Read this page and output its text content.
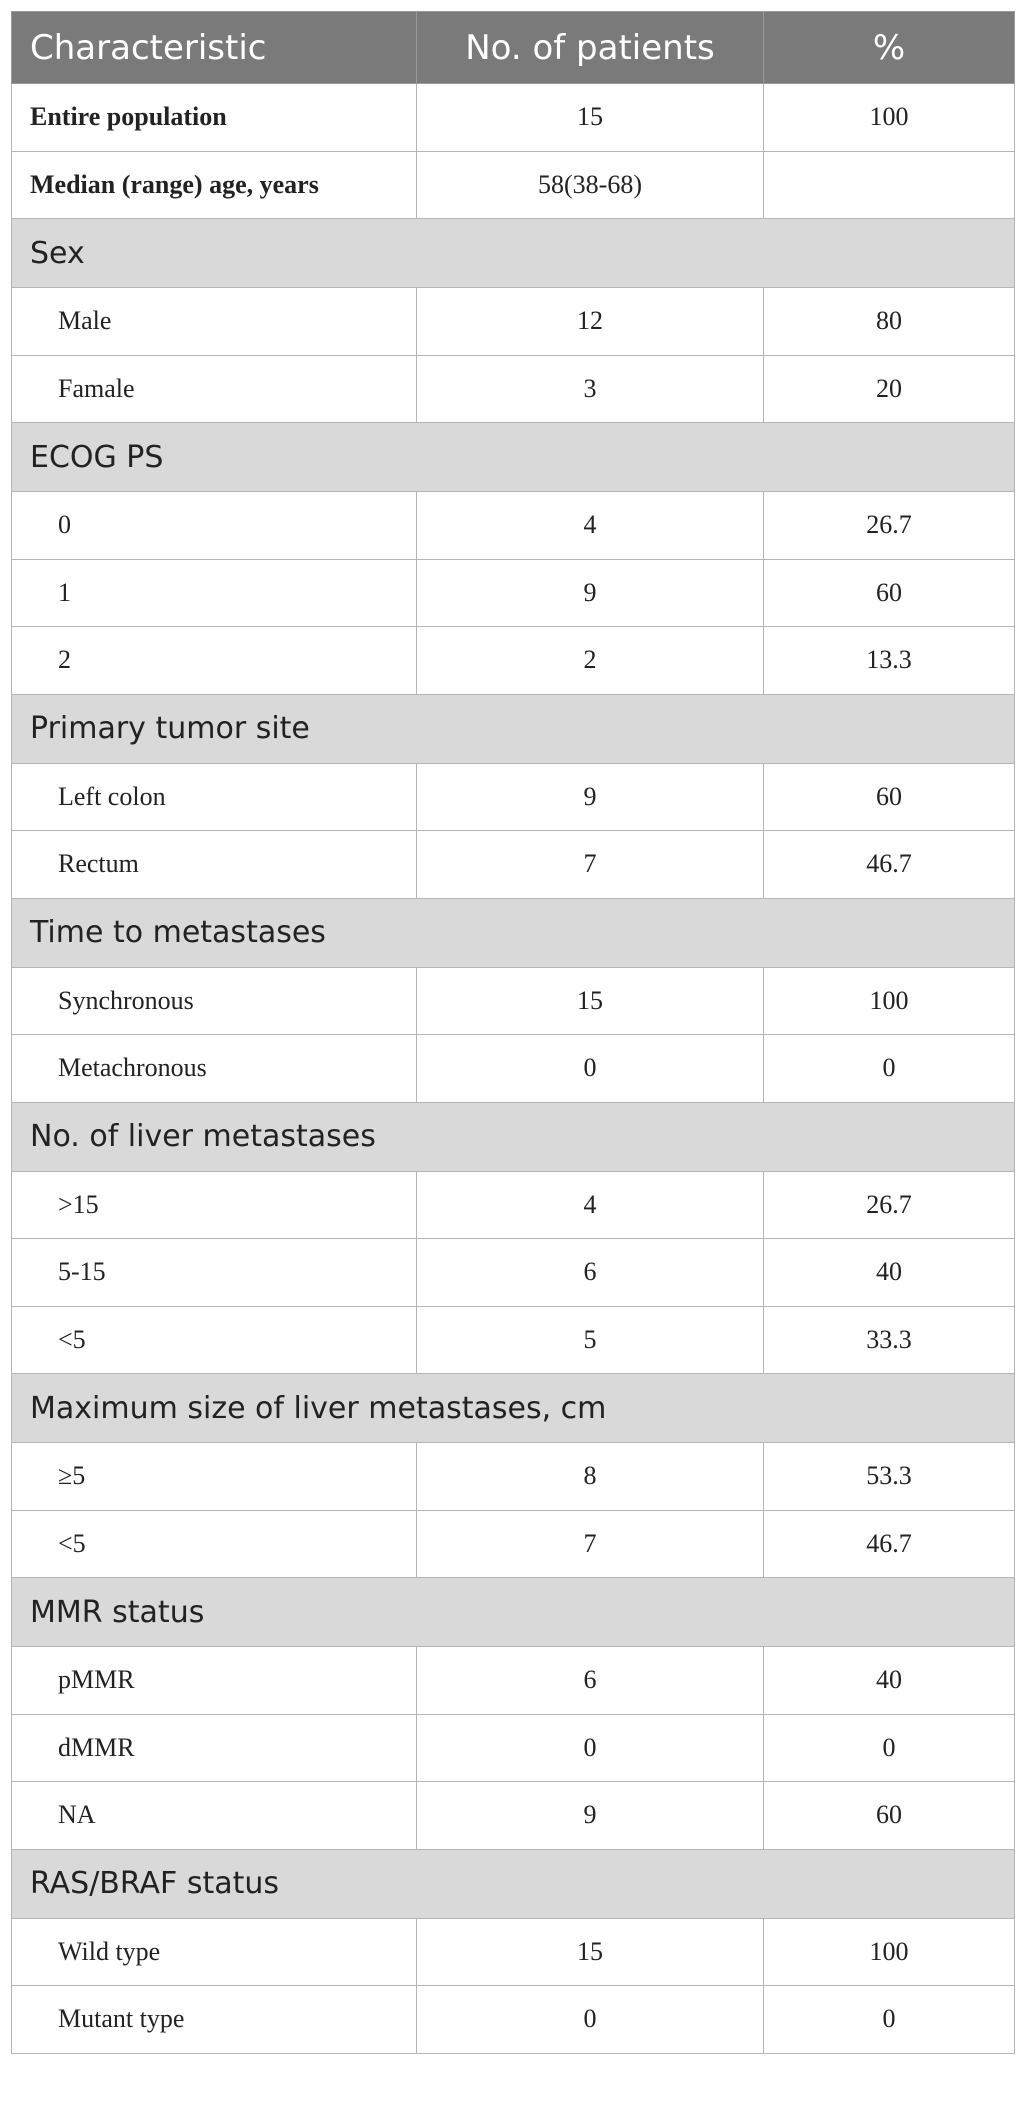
Characteristic	No. of patients	%
Entire population	15	100
Median (range) age, years	58(38-68)	
Sex		
Male	12	80
Famale	3	20
ECOG PS		
0	4	26.7
1	9	60
2	2	13.3
Primary tumor site		
Left colon	9	60
Rectum	7	46.7
Time to metastases		
Synchronous	15	100
Metachronous	0	0
No. of liver metastases		
>15	4	26.7
5-15	6	40
<5	5	33.3
Maximum size of liver metastases, cm		
≥5	8	53.3
<5	7	46.7
MMR status		
pMMR	6	40
dMMR	0	0
NA	9	60
RAS/BRAF status		
Wild type	15	100
Mutant type	0	0
